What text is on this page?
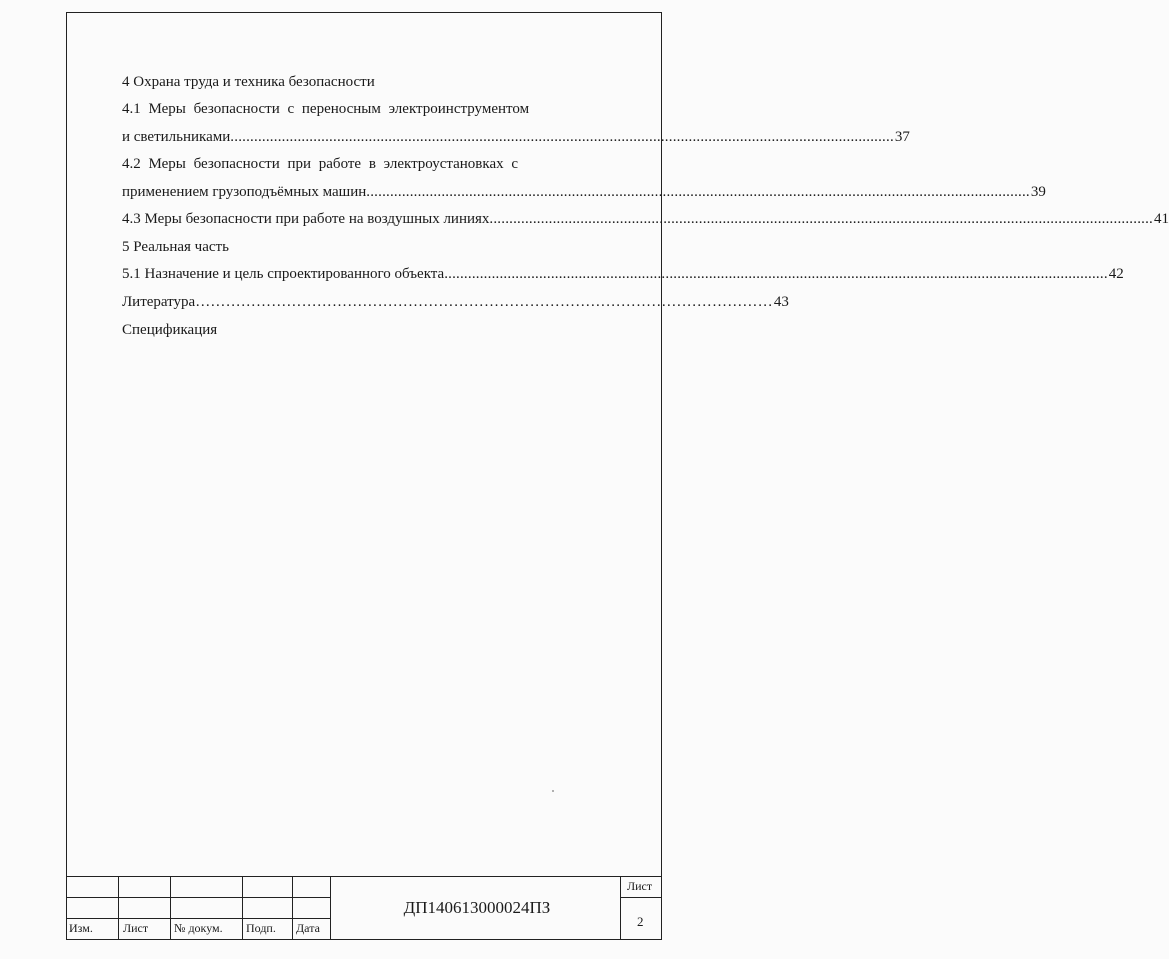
4 Охрана труда и техника безопасности
4.1 Меры безопасности с переносным электроинструментом
и светильниками ........................................................................................................................................................................ 37
4.2 Меры безопасности при работе в электроустановках с
применением грузоподъёмных машин ........................................................................................................................................................................ 39
4.3 Меры безопасности при работе на воздушных линиях ........................................................................................................................................................................ 41
5 Реальная часть
5.1 Назначение и цель спроектированного объекта ........................................................................................................................................................................ 42
Литература …………………………………………………………………………………………………… 43
Спецификация
Изм.	Лист № докум. Подп. Дата
ДП140613000024ПЗ
Лист
2
